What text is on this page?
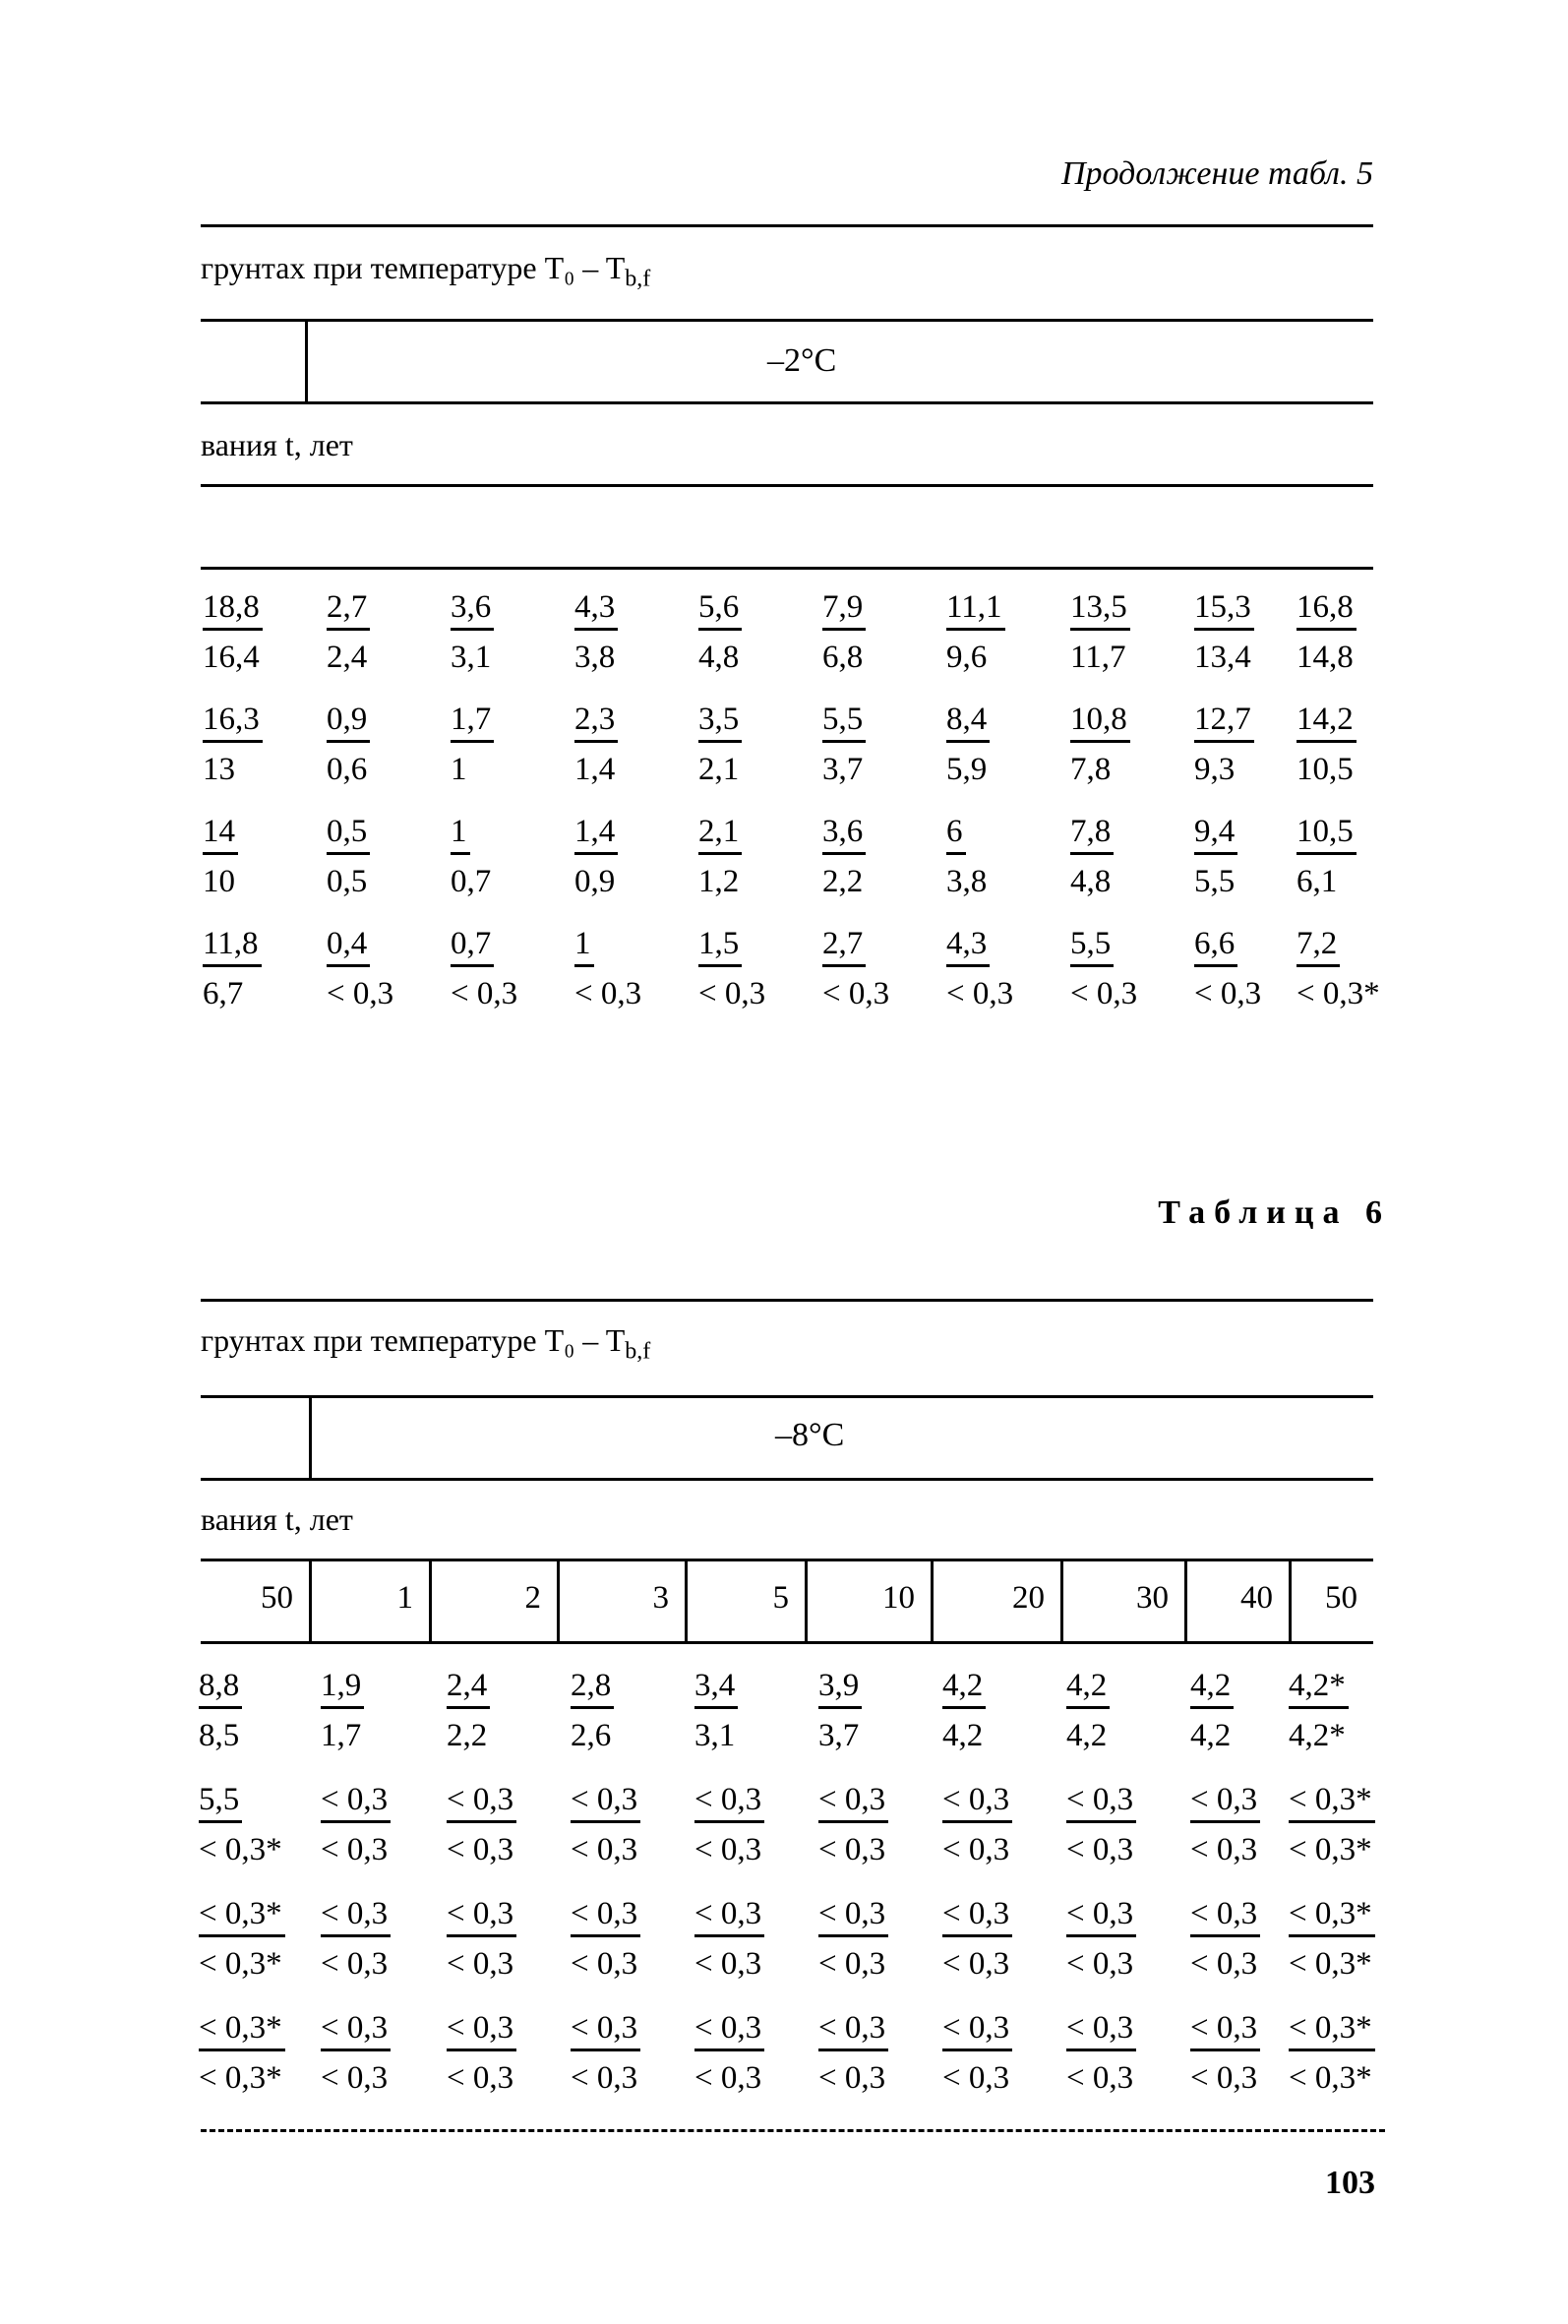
Продолжение табл. 5
грунтах при температуре $T_0 - T_{b,f}$
–2°C
вания t, лет
$\frac{18,8}{16,4} \frac{2,7}{2,4} \frac{3,6}{3,1} \frac{4,3}{3,8} \frac{5,6}{4,8} \frac{7,9}{6,8} \frac{11,1}{9,6} \frac{13,5}{11,7} \frac{15,3}{13,4} \frac{16,8}{14,8}$
$\frac{16,3}{13} \frac{0,9}{0,6} \frac{1,7}{1} \frac{2,3}{1,4} \frac{3,5}{2,1} \frac{5,5}{3,7} \frac{8,4}{5,9} \frac{10,8}{7,8} \frac{12,7}{9,3} \frac{14,2}{10,5}$
$\frac{14}{10}$	$\frac{0,5}{0,5} \frac{1}{0,7}$	$\frac{1,4}{0,9} \frac{2,1}{1,2} \frac{3,6}{2,2} \frac{6}{3,8}$	$\frac{7,8}{4,8} \frac{9,4}{5,5} \frac{10,5}{6,1}$
$\frac{11,8}{6,7} \frac{0,4}{< 0,3} \frac{0,7}{< 0,3} \frac{1}{< 0,3} \frac{1,5}{< 0,3} \frac{2,7}{< 0,3} \frac{4,3}{< 0,3} \frac{5,5}{< 0,3} \frac{6,6}{< 0,3} \frac{7,2}{< 0,3*}$
Таблица 6
грунтах при температуре $T_0 - T_{b,f}$
–8°C
вания t, лет
50	1	2	3	5	10	20	30	40	50
$\frac{8,8}{8,5} \frac{1,9}{1,7}$	$\frac{2,4}{2,2} \frac{2,8}{2,6} \frac{3,4}{3,1} \frac{3,9}{3,7} \frac{4,2}{4,2} \frac{4,2}{4,2} \frac{4,2}{4,2} \frac{4,2*}{4,2*}$
$\frac{5,5}{< 0,3*} \frac{< 0,3}{< 0,3} \frac{< 0,3}{< 0,3} \frac{< 0,3}{< 0,3} \frac{< 0,3}{< 0,3} \frac{< 0,3}{< 0,3} \frac{< 0,3}{< 0,3} \frac{< 0,3}{< 0,3} \frac{< 0,3}{< 0,3} \frac{< 0,3*}{< 0,3*}$
$\frac{< 0,3*}{< 0,3*} \frac{< 0,3}{< 0,3} \frac{< 0,3}{< 0,3} \frac{< 0,3}{< 0,3} \frac{< 0,3}{< 0,3} \frac{< 0,3}{< 0,3} \frac{< 0,3}{< 0,3} \frac{< 0,3}{< 0,3} \frac{< 0,3}{< 0,3} \frac{< 0,3*}{< 0,3*}$
$\frac{< 0,3*}{< 0,3*} \frac{< 0,3}{< 0,3} \frac{< 0,3}{< 0,3} \frac{< 0,3}{< 0,3} \frac{< 0,3}{< 0,3} \frac{< 0,3}{< 0,3} \frac{< 0,3}{< 0,3} \frac{< 0,3}{< 0,3} \frac{< 0,3}{< 0,3} \frac{< 0,3*}{< 0,3*}$
103
